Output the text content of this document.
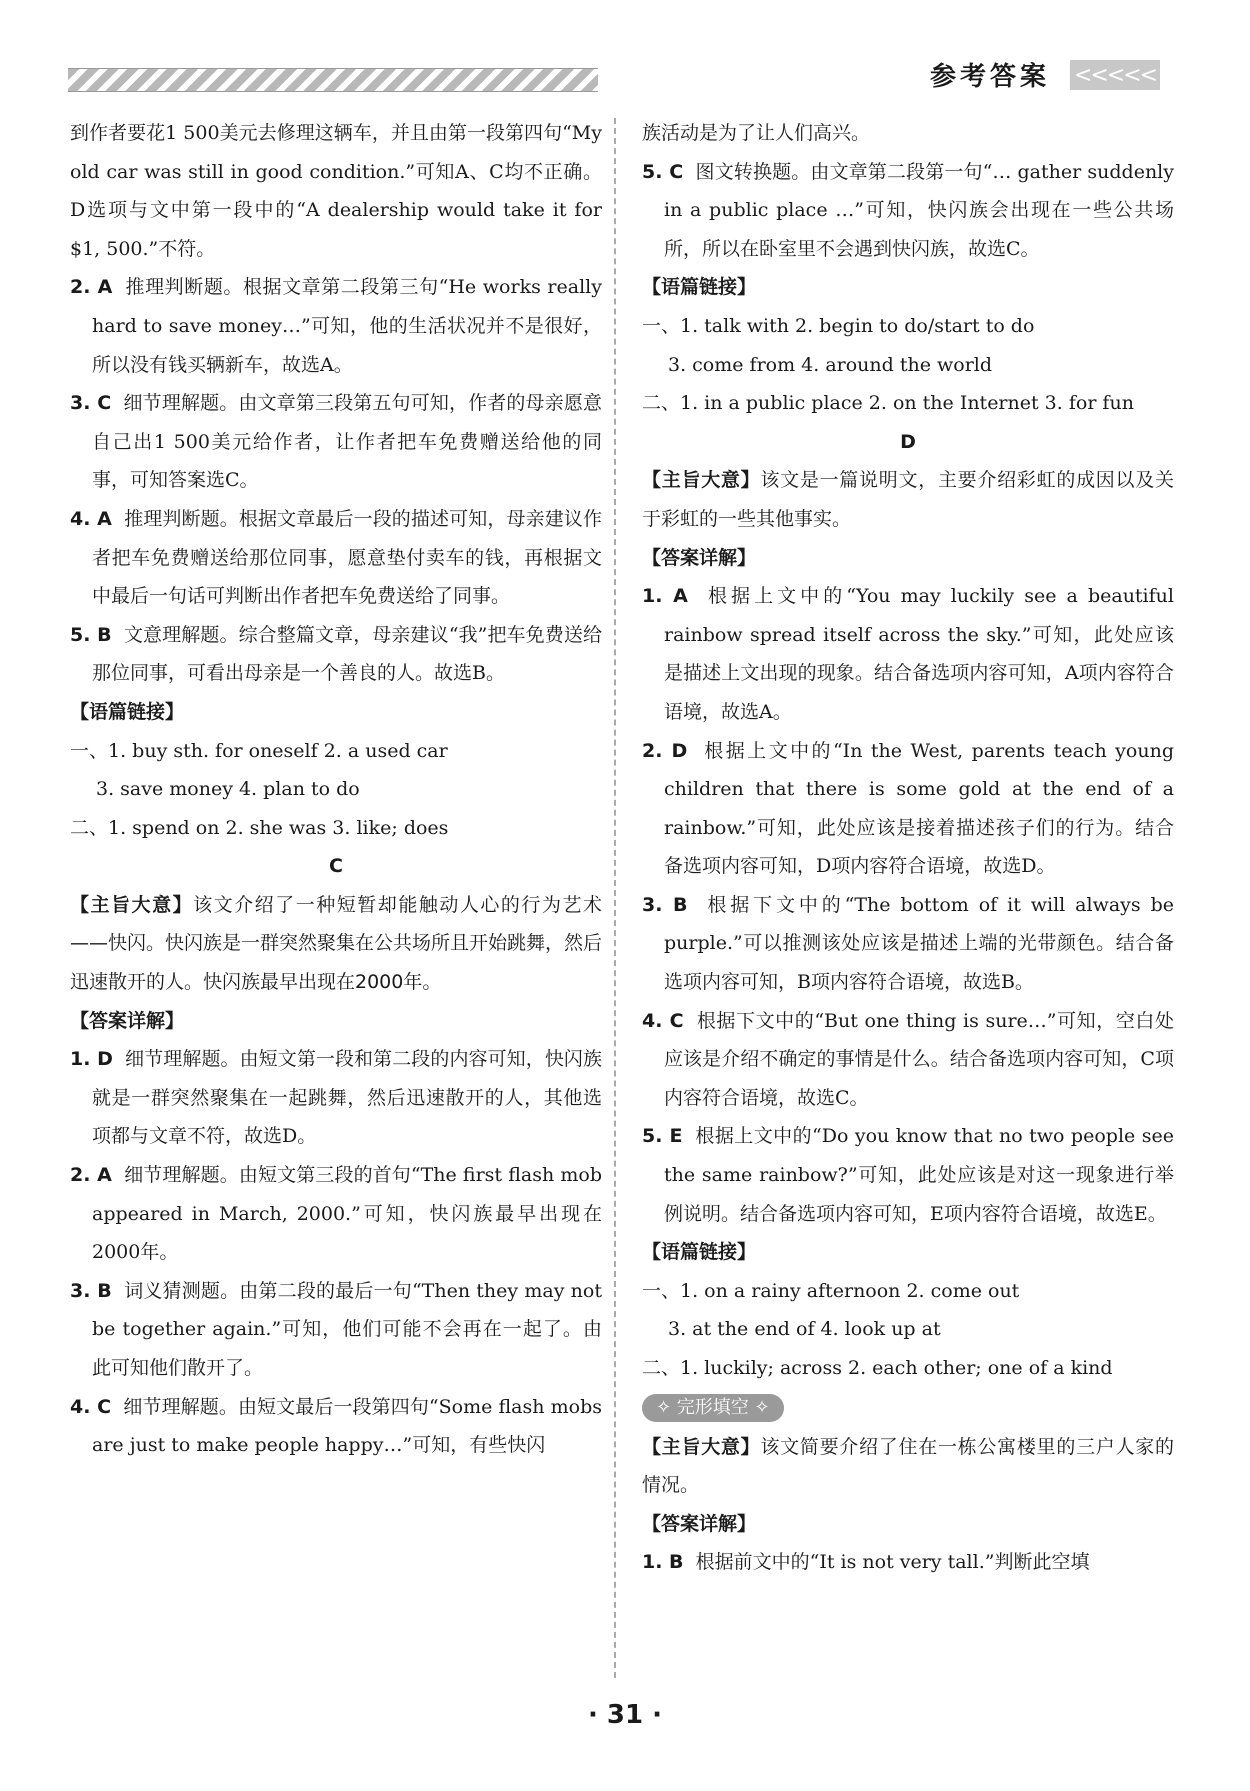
参考答案 <<<<<

到作者要花1 500美元去修理这辆车，并且由第一段第四句“My old car was still in good condition.”可知A、C均不正确。D选项与文中第一段中的“A dealership would take it for $1, 500.”不符。

2. A 推理判断题。根据文章第二段第三句“He works really hard to save money…”可知，他的生活状况并不是很好，所以没有钱买辆新车，故选A。

3. C 细节理解题。由文章第三段第五句可知，作者的母亲愿意自己出1 500美元给作者，让作者把车免费赠送给他的同事，可知答案选C。

4. A 推理判断题。根据文章最后一段的描述可知，母亲建议作者把车免费赠送给那位同事，愿意垫付卖车的钱，再根据文中最后一句话可判断出作者把车免费送给了同事。

5. B 文意理解题。综合整篇文章，母亲建议“我”把车免费送给那位同事，可看出母亲是一个善良的人。故选B。

【语篇链接】

一、1. buy sth. for oneself 2. a used car

3. save money 4. plan to do

二、1. spend on 2. she was 3. like; does

C

【主旨大意】该文介绍了一种短暂却能触动人心的行为艺术——快闪。快闪族是一群突然聚集在公共场所且开始跳舞，然后迅速散开的人。快闪族最早出现在2000年。

【答案详解】

1. D 细节理解题。由短文第一段和第二段的内容可知，快闪族就是一群突然聚集在一起跳舞，然后迅速散开的人，其他选项都与文章不符，故选D。

2. A 细节理解题。由短文第三段的首句“The first flash mob appeared in March, 2000.”可知，快闪族最早出现在2000年。

3. B 词义猜测题。由第二段的最后一句“Then they may not be together again.”可知，他们可能不会再在一起了。由此可知他们散开了。

4. C 细节理解题。由短文最后一段第四句“Some flash mobs are just to make people happy…”可知，有些快闪

族活动是为了让人们高兴。

5. C 图文转换题。由文章第二段第一句“… gather suddenly in a public place …”可知，快闪族会出现在一些公共场所，所以在卧室里不会遇到快闪族，故选C。

【语篇链接】

一、1. talk with 2. begin to do/start to do

3. come from 4. around the world

二、1. in a public place 2. on the Internet 3. for fun

D

【主旨大意】该文是一篇说明文，主要介绍彩虹的成因以及关于彩虹的一些其他事实。

【答案详解】

1. A 根据上文中的“You may luckily see a beautiful rainbow spread itself across the sky.”可知，此处应该是描述上文出现的现象。结合备选项内容可知，A项内容符合语境，故选A。

2. D 根据上文中的“In the West, parents teach young children that there is some gold at the end of a rainbow.”可知，此处应该是接着描述孩子们的行为。结合备选项内容可知，D项内容符合语境，故选D。

3. B 根据下文中的“The bottom of it will always be purple.”可以推测该处应该是描述上端的光带颜色。结合备选项内容可知，B项内容符合语境，故选B。

4. C 根据下文中的“But one thing is sure…”可知，空白处应该是介绍不确定的事情是什么。结合备选项内容可知，C项内容符合语境，故选C。

5. E 根据上文中的“Do you know that no two people see the same rainbow?”可知，此处应该是对这一现象进行举例说明。结合备选项内容可知，E项内容符合语境，故选E。

【语篇链接】

一、1. on a rainy afternoon 2. come out

3. at the end of 4. look up at

二、1. luckily; across 2. each other; one of a kind

✧ 完形填空 ✧

【主旨大意】该文简要介绍了住在一栋公寓楼里的三户人家的情况。

【答案详解】

1. B 根据前文中的“It is not very tall.”判断此空填

· 31 ·
